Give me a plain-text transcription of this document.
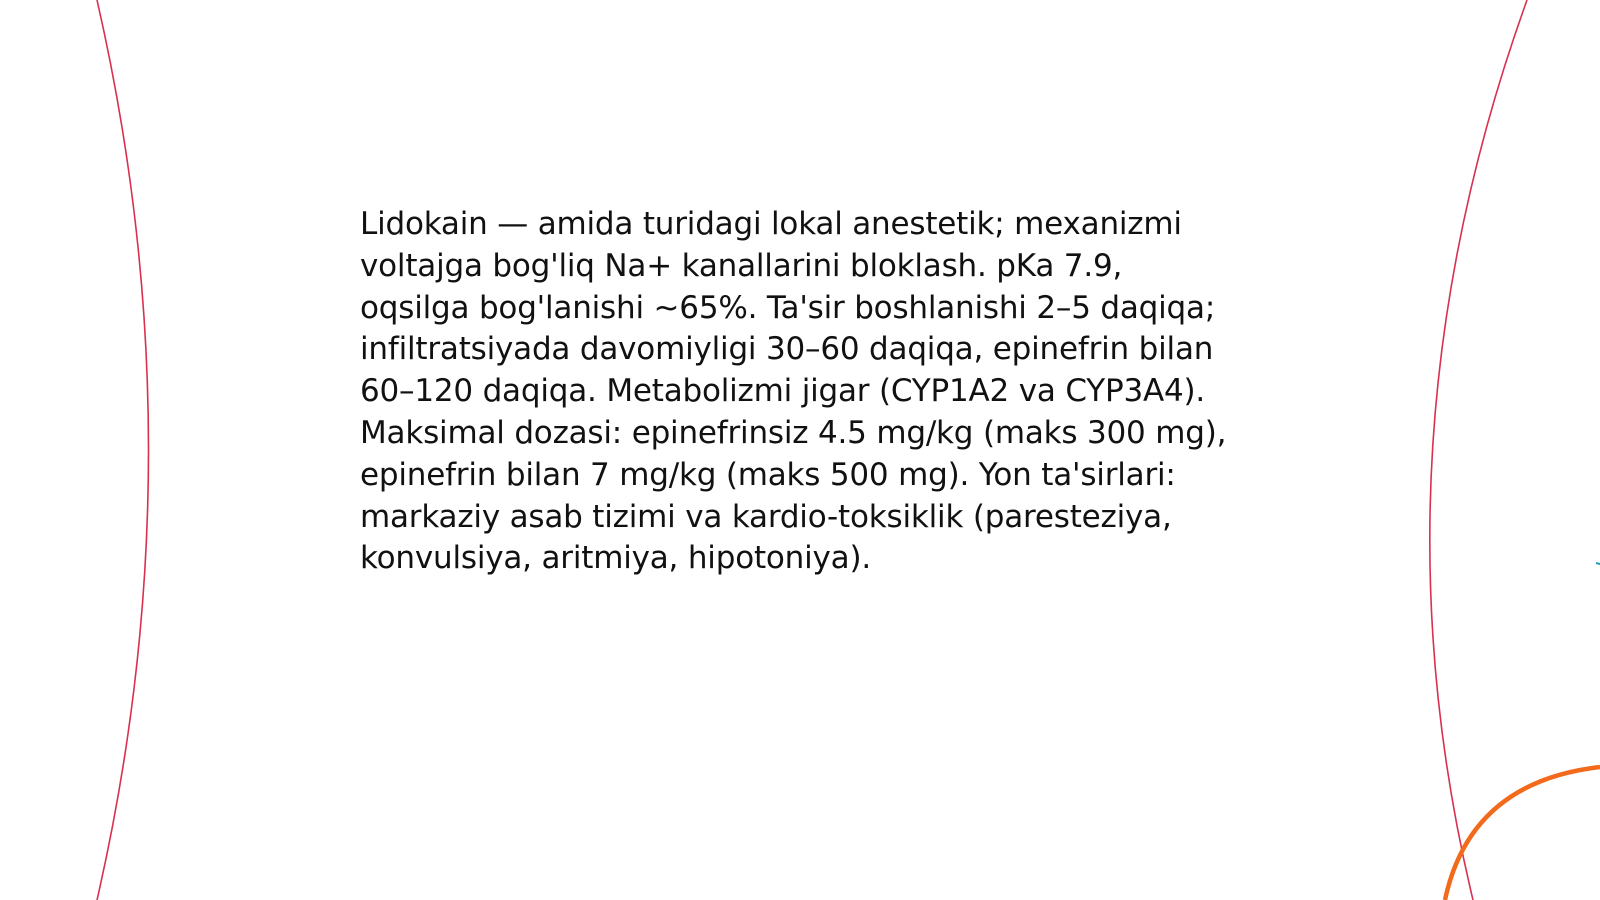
Lidokain — amida turidagi lokal anestetik; mexanizmi voltajga bog'liq Na+ kanallarini bloklash. pKa 7.9, oqsilga bog'lanishi ~65%. Ta'sir boshlanishi 2–5 daqiqa; infiltratsiyada davomiyligi 30–60 daqiqa, epinefrin bilan 60–120 daqiqa. Metabolizmi jigar (CYP1A2 va CYP3A4). Maksimal dozasi: epinefrinsiz 4.5 mg/kg (maks 300 mg), epinefrin bilan 7 mg/kg (maks 500 mg). Yon ta'sirlari: markaziy asab tizimi va kardio-toksiklik (paresteziya, konvulsiya, aritmiya, hipotoniya).
